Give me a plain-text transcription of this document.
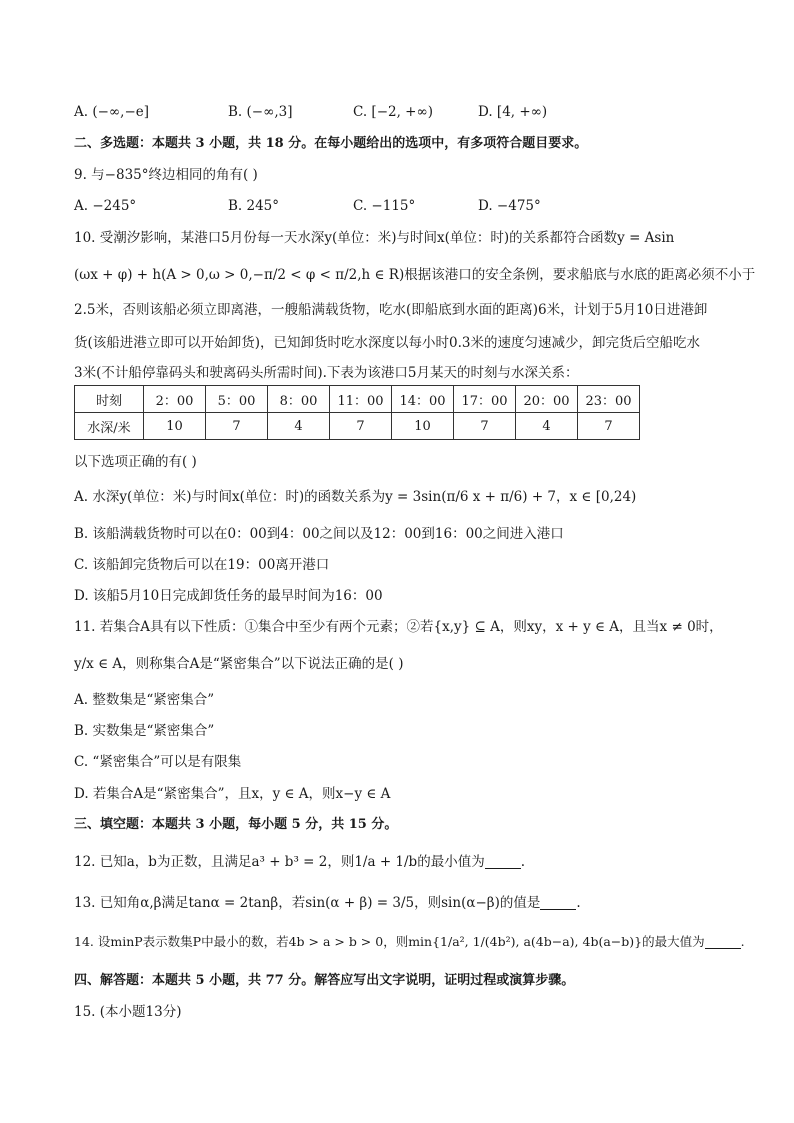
A. (−∞,−e]	B. (−∞,3]	C. [−2, +∞)	D. [4, +∞)
二、多选题：本题共 3 小题，共 18 分。在每小题给出的选项中，有多项符合题目要求。
9. 与−835°终边相同的角有( )
A. −245°	B. 245°	C. −115°	D. −475°
10. 受潮汐影响，某港口5月份每一天水深y(单位：米)与时间x(单位：时)的关系都符合函数y = Asin
(ωx + φ) + h(A > 0,ω > 0,−π/2 < φ < π/2,h ∈ R)根据该港口的安全条例，要求船底与水底的距离必须不小于
2.5米，否则该船必须立即离港，一艘船满载货物，吃水(即船底到水面的距离)6米，计划于5月10日进港卸
货(该船进港立即可以开始卸货)，已知卸货时吃水深度以每小时0.3米的速度匀速减少，卸完货后空船吃水
3米(不计船停靠码头和驶离码头所需时间).下表为该港口5月某天的时刻与水深关系：
时刻	2：00	5：00	8：00	11：00	14：00	17：00	20：00	23：00
水深/米	10	7	4	7	10	7	4	7
以下选项正确的有( )
A. 水深y(单位：米)与时间x(单位：时)的函数关系为y = 3sin(π/6 x + π/6) + 7，x ∈ [0,24)
B. 该船满载货物时可以在0：00到4：00之间以及12：00到16：00之间进入港口
C. 该船卸完货物后可以在19：00离开港口
D. 该船5月10日完成卸货任务的最早时间为16：00
11. 若集合A具有以下性质：①集合中至少有两个元素；②若{x,y} ⊆ A，则xy，x + y ∈ A，且当x ≠ 0时，
y/x ∈ A，则称集合A是“紧密集合”以下说法正确的是( )
A. 整数集是“紧密集合”
B. 实数集是“紧密集合”
C. “紧密集合”可以是有限集
D. 若集合A是“紧密集合”，且x，y ∈ A，则x−y ∈ A
三、填空题：本题共 3 小题，每小题 5 分，共 15 分。
12. 已知a，b为正数，且满足a³ + b³ = 2，则1/a + 1/b的最小值为	.
13. 已知角α,β满足tanα = 2tanβ，若sin(α + β) = 3/5，则sin(α−β)的值是	.
14. 设minP表示数集P中最小的数，若4b > a > b > 0，则min{1/a², 1/(4b²), a(4b−a), 4b(a−b)}的最大值为	.
四、解答题：本题共 5 小题，共 77 分。解答应写出文字说明，证明过程或演算步骤。
15. (本小题13分)
